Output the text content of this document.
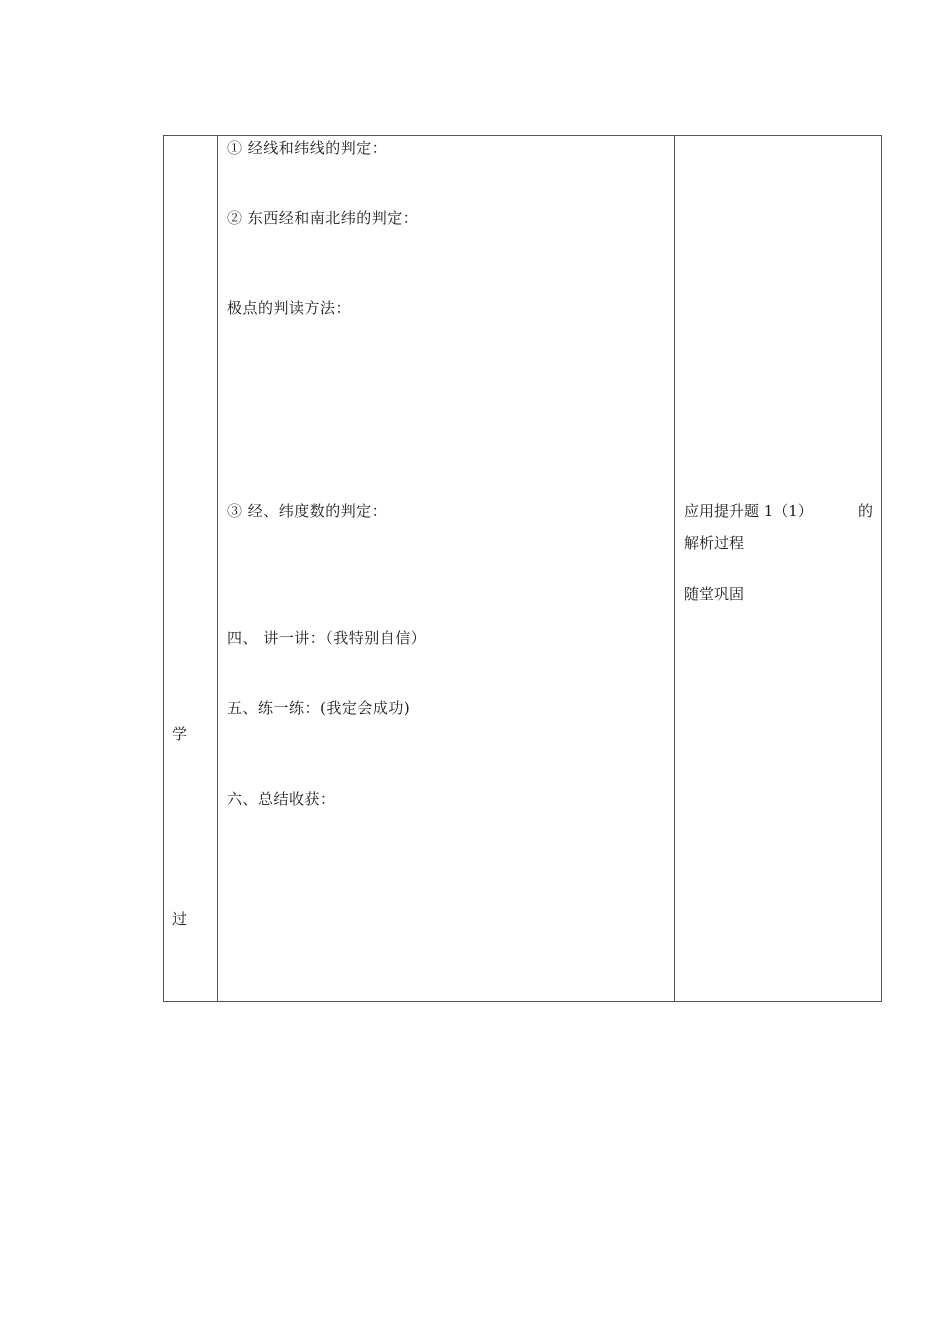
学
过
① 经线和纬线的判定：
② 东西经和南北纬的判定：
极点的判读方法：
③ 经、纬度数的判定：
四、 讲一讲：（我特别自信）
五、练一练：(我定会成功)
六、总结收获：
应用提升题 1（1）	的
解析过程
随堂巩固
